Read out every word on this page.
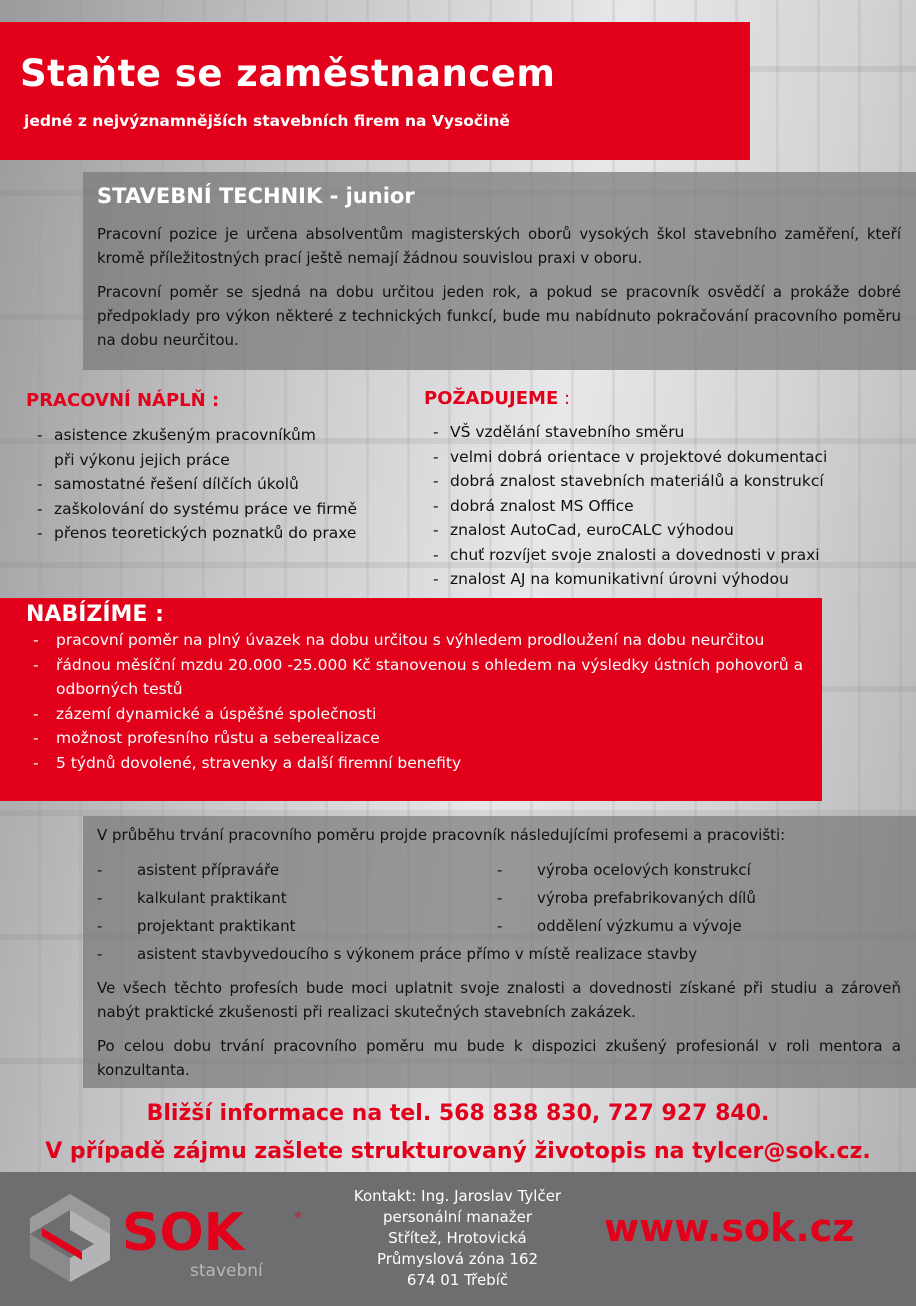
Staňte se zaměstnancem
jedné z nejvýznamnějších stavebních firem na Vysočině
STAVEBNÍ TECHNIK - junior

Pracovní pozice je určena absolventům magisterských oborů vysokých škol stavebního zaměření, kteří kromě příležitostných prací ještě nemají žádnou souvislou praxi v oboru.

Pracovní poměr se sjedná na dobu určitou jeden rok, a pokud se pracovník osvědčí a prokáže dobré předpoklady pro výkon některé z technických funkcí, bude mu nabídnuto pokračování pracovního poměru na dobu neurčitou.

PRACOVNÍ NÁPLŇ :
- asistence zkušeným pracovníkům
při výkonu jejich práce
- samostatné řešení dílčích úkolů
- zaškolování do systému práce ve firmě
- přenos teoretických poznatků do praxe
POŽADUJEME :
- VŠ vzdělání stavebního směru
- velmi dobrá orientace v projektové dokumentaci
- dobrá znalost stavebních materiálů a konstrukcí
- dobrá znalost MS Office
- znalost AutoCad, euroCALC výhodou
- chuť rozvíjet svoje znalosti a dovednosti v praxi
- znalost AJ na komunikativní úrovni výhodou
NABÍZÍME :
- pracovní poměr na plný úvazek na dobu určitou s výhledem prodloužení na dobu neurčitou
- řádnou měsíční mzdu 20.000 -25.000 Kč stanovenou s ohledem na výsledky ústních pohovorů a odborných testů
- zázemí dynamické a úspěšné společnosti
- možnost profesního růstu a seberealizace
- 5 týdnů dovolené, stravenky a další firemní benefity
V průběhu trvání pracovního poměru projde pracovník následujícími profesemi a pracovišti:
- asistent přípraváře
- kalkulant praktikant
- projektant praktikant
- výroba ocelových konstrukcí
- výroba prefabrikovaných dílů
- oddělení výzkumu a vývoje
- asistent stavbyvedoucího s výkonem práce přímo v místě realizace stavby

Ve všech těchto profesích bude moci uplatnit svoje znalosti a dovednosti získané při studiu a zároveň nabýt praktické zkušenosti při realizaci skutečných stavebních zakázek.

Po celou dobu trvání pracovního poměru mu bude k dispozici zkušený profesionál v roli mentora a konzultanta.

Bližší informace na tel. 568 838 830, 727 927 840.
V případě zájmu zašlete strukturovaný životopis na tylcer@sok.cz.
SOK	®
stavební
Kontakt: Ing. Jaroslav Tylčer
personální manažer
Střítež, Hrotovická
Průmyslová zóna 162
674 01 Třebíč
www.sok.cz
